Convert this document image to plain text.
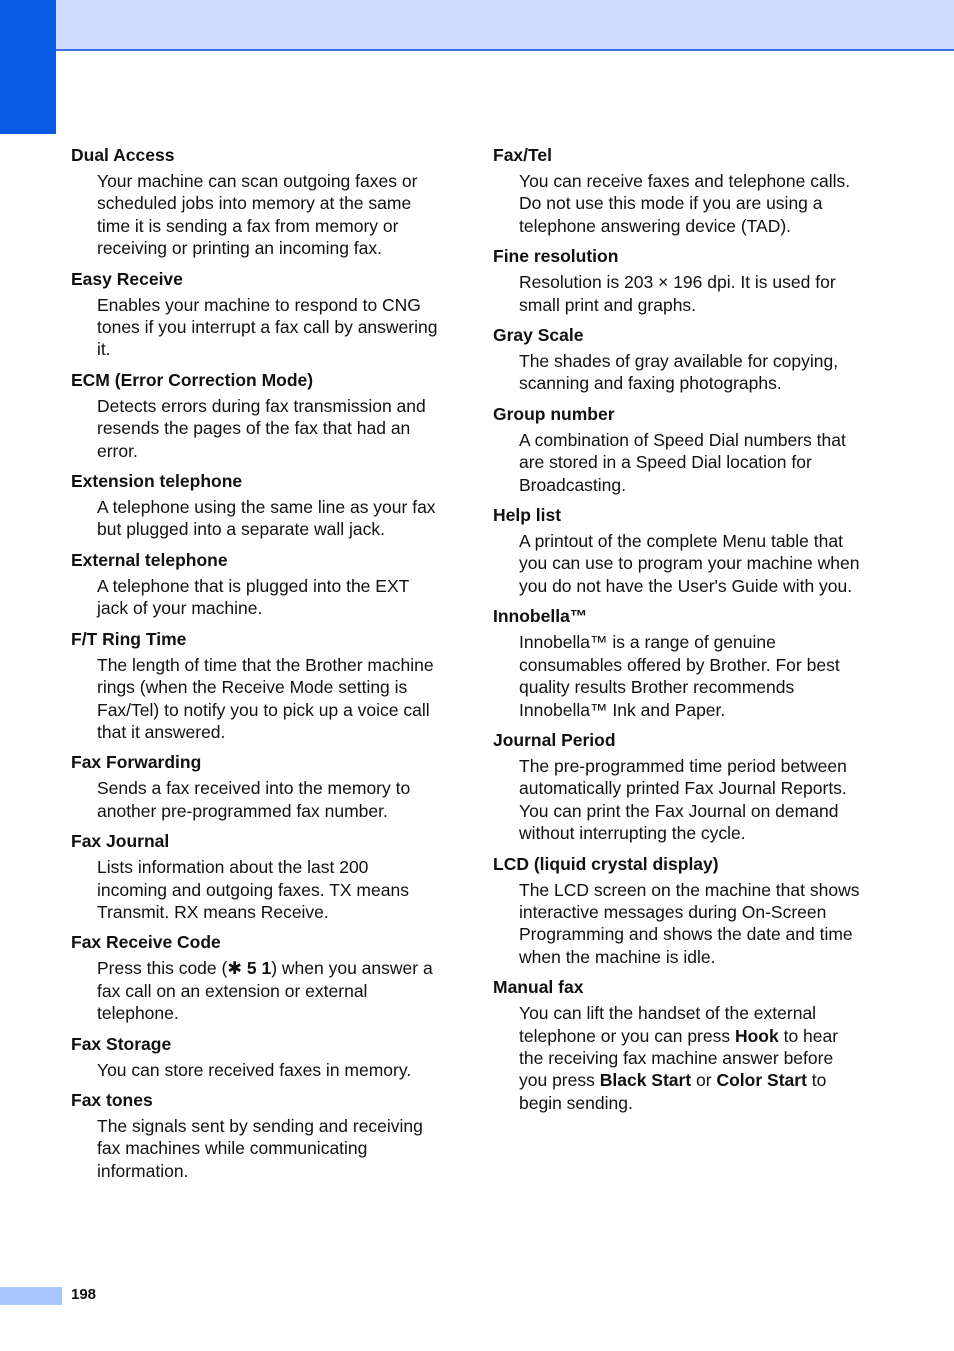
Dual Access

Your machine can scan outgoing faxes or scheduled jobs into memory at the same time it is sending a fax from memory or receiving or printing an incoming fax.

Easy Receive

Enables your machine to respond to CNG tones if you interrupt a fax call by answering it.

ECM (Error Correction Mode)

Detects errors during fax transmission and resends the pages of the fax that had an error.

Extension telephone

A telephone using the same line as your fax but plugged into a separate wall jack.

External telephone

A telephone that is plugged into the EXT jack of your machine.

F/T Ring Time

The length of time that the Brother machine rings (when the Receive Mode setting is Fax/Tel) to notify you to pick up a voice call that it answered.

Fax Forwarding

Sends a fax received into the memory to another pre-programmed fax number.

Fax Journal

Lists information about the last 200 incoming and outgoing faxes. TX means Transmit. RX means Receive.

Fax Receive Code

Press this code (✱ 5 1) when you answer a fax call on an extension or external telephone.

Fax Storage

You can store received faxes in memory.

Fax tones

The signals sent by sending and receiving fax machines while communicating information.

Fax/Tel

You can receive faxes and telephone calls. Do not use this mode if you are using a telephone answering device (TAD).

Fine resolution

Resolution is 203 × 196 dpi. It is used for small print and graphs.

Gray Scale

The shades of gray available for copying, scanning and faxing photographs.

Group number

A combination of Speed Dial numbers that are stored in a Speed Dial location for Broadcasting.

Help list

A printout of the complete Menu table that you can use to program your machine when you do not have the User's Guide with you.

Innobella™

Innobella™ is a range of genuine consumables offered by Brother. For best quality results Brother recommends Innobella™ Ink and Paper.

Journal Period

The pre-programmed time period between automatically printed Fax Journal Reports. You can print the Fax Journal on demand without interrupting the cycle.

LCD (liquid crystal display)

The LCD screen on the machine that shows interactive messages during On-Screen Programming and shows the date and time when the machine is idle.

Manual fax

You can lift the handset of the external telephone or you can press Hook to hear the receiving fax machine answer before you press Black Start or Color Start to begin sending.

198
